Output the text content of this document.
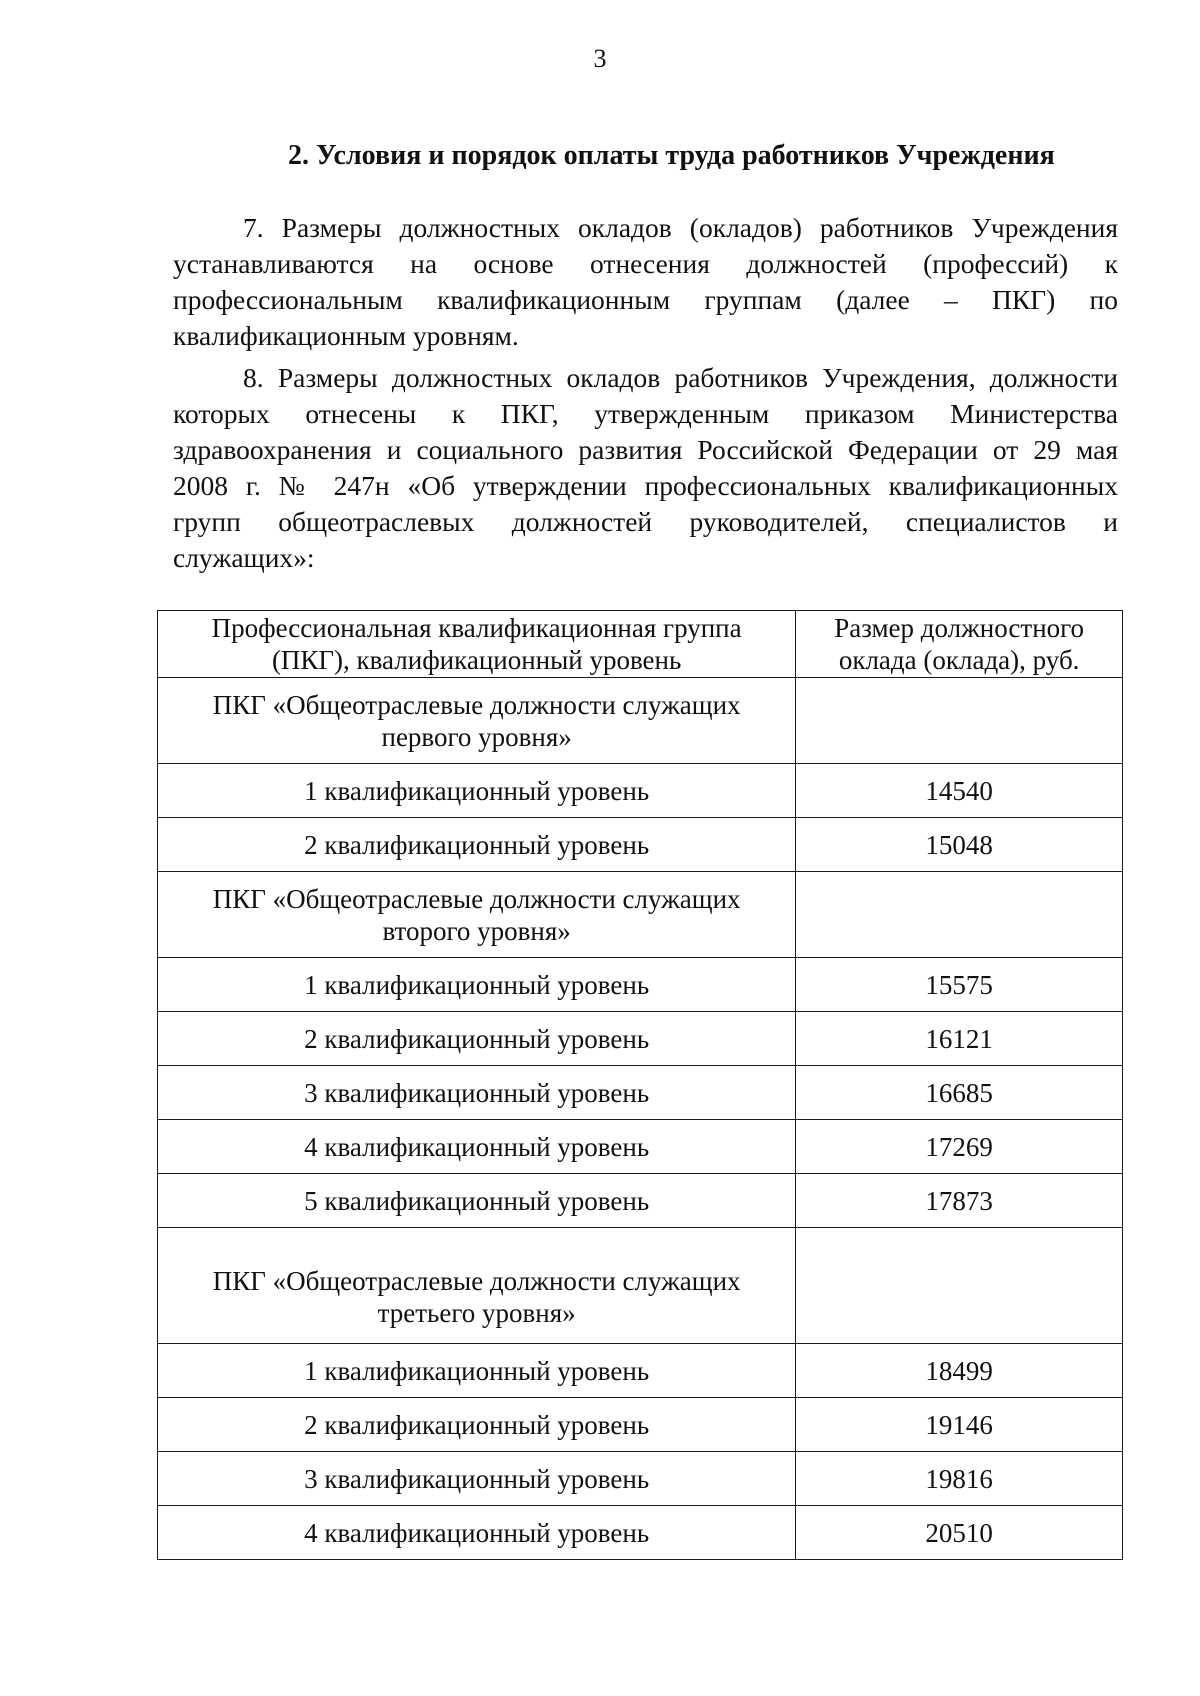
3
2. Условия и порядок оплаты труда работников Учреждения
7. Размеры должностных окладов (окладов) работников Учреждения
устанавливаются на основе отнесения должностей (профессий) к
профессиональным квалификационным группам (далее – ПКГ) по
квалификационным уровням.
8. Размеры должностных окладов работников Учреждения, должности
которых отнесены к ПКГ, утвержденным приказом Министерства
здравоохранения и социального развития Российской Федерации от 29 мая
2008 г. № 247н «Об утверждении профессиональных квалификационных
групп общеотраслевых должностей руководителей, специалистов и
служащих»:
Профессиональная квалификационная группа
(ПКГ), квалификационный уровень	Размер должностного
оклада (оклада), руб.
ПКГ «Общеотраслевые должности служащих
первого уровня»	
1 квалификационный уровень	14540
2 квалификационный уровень	15048
ПКГ «Общеотраслевые должности служащих
второго уровня»	
1 квалификационный уровень	15575
2 квалификационный уровень	16121
3 квалификационный уровень	16685
4 квалификационный уровень	17269
5 квалификационный уровень	17873
ПКГ «Общеотраслевые должности служащих
третьего уровня»	
1 квалификационный уровень	18499
2 квалификационный уровень	19146
3 квалификационный уровень	19816
4 квалификационный уровень	20510
